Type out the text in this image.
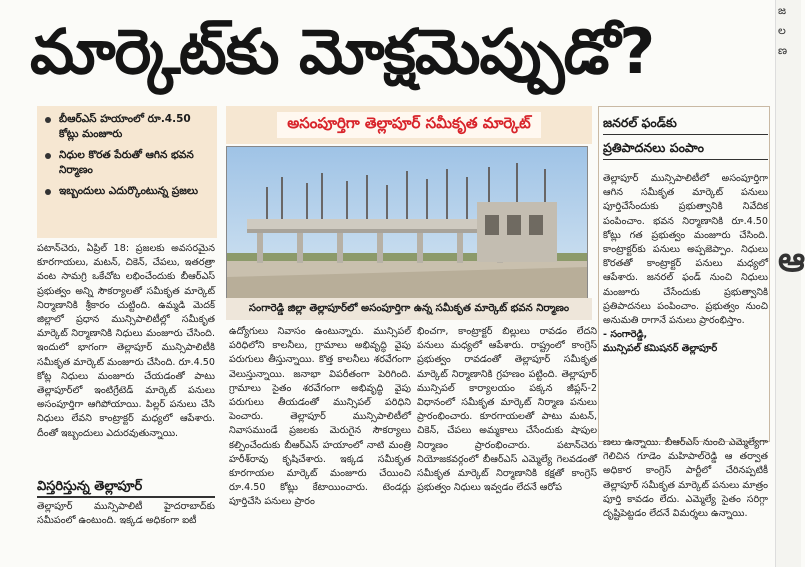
మార్కెట్‌కు మోక్షమెప్పుడో?
జ
ల
ణ
ఆ
బీఆర్ఎస్ హయాంలో రూ.4.50 కోట్లు మంజూరు
నిధుల కొరత పేరుతో ఆగిన భవన నిర్మాణం
ఇబ్బందులు ఎదుర్కొంటున్న ప్రజలు

పటాన్‌చెరు, ఏప్రిల్ 18: ప్రజలకు అవసరమైన కూరగాయలు, మటన్, చికెన్, చేపలు, ఇతరత్రా వంట సామగ్రి ఒకేచోట లభించేందుకు బీఆర్ఎస్ ప్రభుత్వం అన్ని సౌకర్యాలతో సమీకృత మార్కెట్ నిర్మాణానికి శ్రీకారం చుట్టింది. ఉమ్మడి మెదక్ జిల్లాలో ప్రధాన మున్సిపాలిటీల్లో సమీకృత మార్కెట్ నిర్మాణానికి నిధులు మంజూరు చేసింది. ఇందులో భాగంగా తెల్లాపూర్ మున్సిపాలిటీకి సమీకృత మార్కెట్ మంజూరు చేసింది. రూ.4.50 కోట్ల నిధులు మంజూరు చేయడంతో పాటు తెల్లాపూర్‌లో ఇంటిగ్రేటెడ్ మార్కెట్ పనులు అసంపూర్తిగా ఆగిపోయాయి. పిల్లర్ పనులు చేసి నిధులు లేవని కాంట్రాక్టర్ మధ్యలో ఆపేశారు. దీంతో ఇబ్బందులు ఎదురవుతున్నాయి.

విస్తరిస్తున్న తెల్లాపూర్

తెల్లాపూర్ మున్సిపాలిటీ హైదరాబాద్‌కు సమీపంలో ఉంటుంది. ఇక్కడ అధికంగా ఐటీ

అసంపూర్తిగా తెల్లాపూర్ సమీకృత మార్కెట్
సంగారెడ్డి జిల్లా తెల్లాపూర్‌లో అసంపూర్తిగా ఉన్న సమీకృత మార్కెట్ భవన నిర్మాణం

ఉద్యోగులు నివాసం ఉంటున్నారు. మున్సిపల్ పరిధిలోని కాలనీలు, గ్రామాలు అభివృద్ధి వైపు పరుగులు తీస్తున్నాయి. కొత్త కాలనీలు శరవేగంగా వెలుస్తున్నాయి. జనాభా విపరీతంగా పెరిగింది. గ్రామాలు సైతం శరవేగంగా అభివృద్ధి వైపు పరుగులు తీయడంతో మున్సిపల్ పరిధిని పెంచారు. తెల్లాపూర్ మున్సిపాలిటీలో నివాసముండే ప్రజలకు మెరుగైన సౌకర్యాలు కల్పించేందుకు బీఆర్ఎస్ హయాంలో నాటి మంత్రి హరీశ్‌రావు కృషిచేశారు. ఇక్కడ సమీకృత కూరగాయల మార్కెట్ మంజూరు చేయించి రూ.4.50 కోట్లు కేటాయించారు. టెండర్లు పూర్తిచేసి పనులు ప్రారం

భించగా, కాంట్రాక్టర్ బిల్లులు రావడం లేదని పనులు మధ్యలో ఆపేశారు. రాష్ట్రంలో కాంగ్రెస్ ప్రభుత్వం రావడంతో తెల్లాపూర్ సమీకృత మార్కెట్ నిర్మాణానికి గ్రహణం పట్టింది. తెల్లాపూర్ మున్సిపల్ కార్యాలయం పక్కన జీప్లస్-2 విధానంలో సమీకృత మార్కెట్ నిర్మాణ పనులు ప్రారంభించారు. కూరగాయలతో పాటు మటన్, చికెన్, చేపలు అమ్మకాలు చేసేందుకు షాపుల నిర్మాణం ప్రారంభించారు. పటాన్‌చెరు నియోజకవర్గంలో బీఆర్ఎస్ ఎమ్మెల్యే గెలవడంతో సమీకృత మార్కెట్ నిర్మాణానికి కక్షతో కాంగ్రెస్ ప్రభుత్వం నిధులు ఇవ్వడం లేదనే ఆరోప

జనరల్ ఫండ్‌కు
ప్రతిపాదనలు పంపాం

తెల్లాపూర్ మున్సిపాలిటీలో అసంపూర్తిగా ఆగిన సమీకృత మార్కెట్ పనులు పూర్తిచేసేందుకు ప్రభుత్వానికి నివేదిక పంపించాం. భవన నిర్మాణానికి రూ.4.50 కోట్లు గత ప్రభుత్వం మంజూరు చేసింది. కాంట్రాక్టర్‌కు పనులు అప్పజెప్పాం. నిధులు కొరతతో కాంట్రాక్టర్ పనులు మధ్యలో ఆపేశారు. జనరల్ ఫండ్ నుంచి నిధులు మంజూరు చేసేందుకు ప్రభుత్వానికి ప్రతిపాదనలు పంపించాం. ప్రభుత్వం నుంచి అనుమతి రాగానే పనులు ప్రారంభిస్తాం.

- సంగారెడ్డి,

మున్సిపల్ కమిషనర్ తెల్లాపూర్

ణలు ఉన్నాయి. బీఆర్ఎస్ నుంచి ఎమ్మెల్యేగా గెలిచిన గూడెం మహిపాల్‌రెడ్డి ఆ తర్వాత అధికార కాంగ్రెస్ పార్టీలో చేరినప్పటికీ తెల్లాపూర్ సమీకృత మార్కెట్ పనులు మాత్రం పూర్తి కావడం లేదు. ఎమ్మెల్యే సైతం సరిగ్గా దృష్టిపెట్టడం లేదనే విమర్శలు ఉన్నాయి.
